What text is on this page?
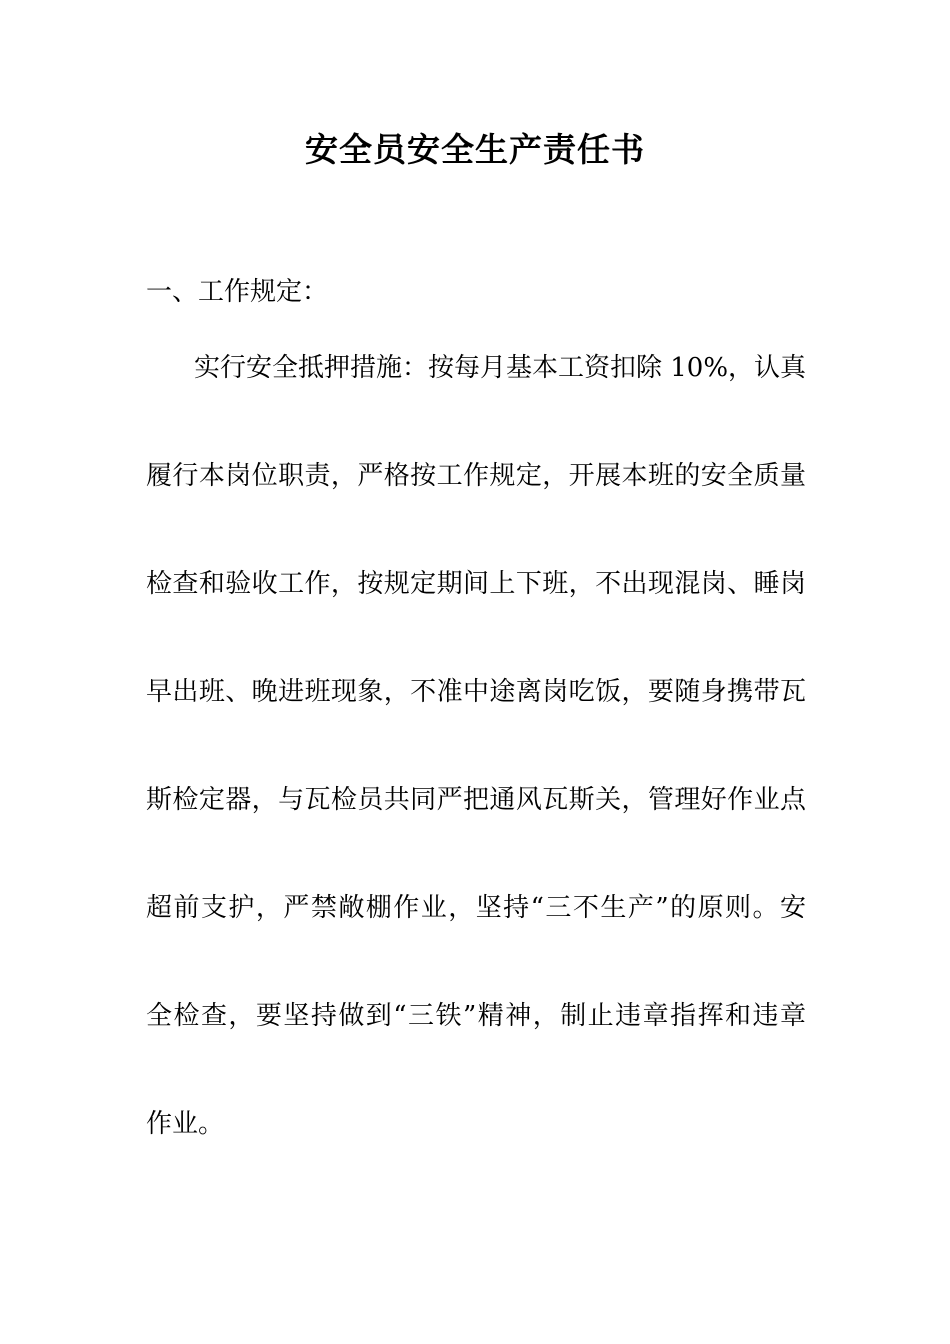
安全员安全生产责任书
一、工作规定：
实行安全抵押措施：按每月基本工资扣除 10%，认真
履行本岗位职责，严格按工作规定，开展本班的安全质量
检查和验收工作，按规定期间上下班，不出现混岗、睡岗
早出班、晚进班现象，不准中途离岗吃饭，要随身携带瓦
斯检定器，与瓦检员共同严把通风瓦斯关，管理好作业点
超前支护，严禁敞棚作业，坚持“三不生产”的原则。安
全检查，要坚持做到“三铁”精神，制止违章指挥和违章
作业。
